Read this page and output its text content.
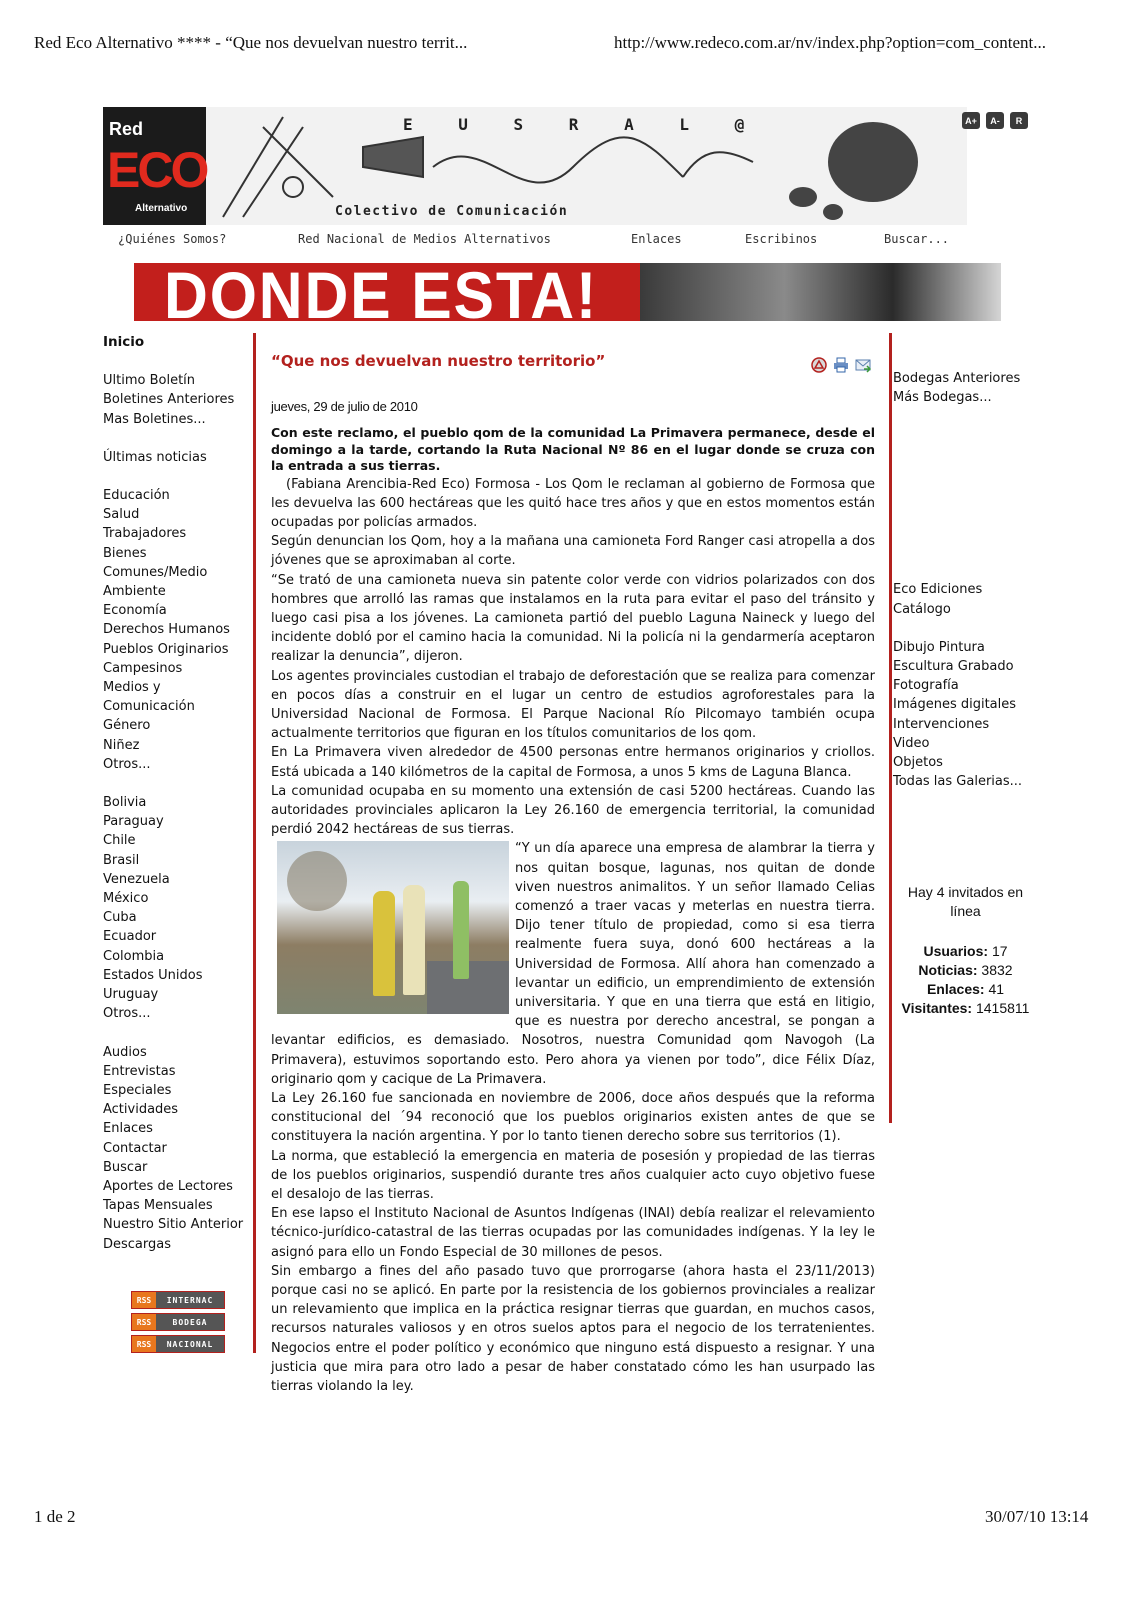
Red Eco Alternativo **** - “Que nos devuelvan nuestro territ...	http://www.redeco.com.ar/nv/index.php?option=com_content...
1 de 2	30/07/10 13:14
Red
ECO
Alternativo
E U S R A L @
Colectivo de Comunicación
A+	A-	R
¿Quiénes Somos?	Red Nacional de Medios Alternativos	Enlaces	Escribinos	Buscar...
DONDE ESTA!
Inicio
Ultimo Boletín
Boletines Anteriores
Mas Boletines...
Últimas noticias
Educación
Salud
Trabajadores
Bienes
Comunes/Medio
Ambiente
Economía
Derechos Humanos
Pueblos Originarios
Campesinos
Medios y
Comunicación
Género
Niñez
Otros...
Bolivia
Paraguay
Chile
Brasil
Venezuela
México
Cuba
Ecuador
Colombia
Estados Unidos
Uruguay
Otros...
Audios
Entrevistas
Especiales
Actividades
Enlaces
Contactar
Buscar
Aportes de Lectores
Tapas Mensuales
Nuestro Sitio Anterior
Descargas
RSS	INTERNAC
RSS	BODEGA
RSS	NACIONAL
“Que nos devuelvan nuestro territorio”
jueves, 29 de julio de 2010

Con este reclamo, el pueblo qom de la comunidad La Primavera permanece, desde el domingo a la tarde, cortando la Ruta Nacional Nº 86 en el lugar donde se cruza con la entrada a sus tierras.

(Fabiana Arencibia-Red Eco) Formosa - Los Qom le reclaman al gobierno de Formosa que les devuelva las 600 hectáreas que les quitó hace tres años y que en estos momentos están ocupadas por policías armados.

Según denuncian los Qom, hoy a la mañana una camioneta Ford Ranger casi atropella a dos jóvenes que se aproximaban al corte.

“Se trató de una camioneta nueva sin patente color verde con vidrios polarizados con dos hombres que arrolló las ramas que instalamos en la ruta para evitar el paso del tránsito y luego casi pisa a los jóvenes. La camioneta partió del pueblo Laguna Naineck y luego del incidente dobló por el camino hacia la comunidad. Ni la policía ni la gendarmería aceptaron realizar la denuncia”, dijeron.

Los agentes provinciales custodian el trabajo de deforestación que se realiza para comenzar en pocos días a construir en el lugar un centro de estudios agroforestales para la Universidad Nacional de Formosa. El Parque Nacional Río Pilcomayo también ocupa actualmente territorios que figuran en los títulos comunitarios de los qom.

En La Primavera viven alrededor de 4500 personas entre hermanos originarios y criollos. Está ubicada a 140 kilómetros de la capital de Formosa, a unos 5 kms de Laguna Blanca.

La comunidad ocupaba en su momento una extensión de casi 5200 hectáreas. Cuando las autoridades provinciales aplicaron la Ley 26.160 de emergencia territorial, la comunidad perdió 2042 hectáreas de sus tierras.

“Y un día aparece una empresa de alambrar la tierra y nos quitan bosque, lagunas, nos quitan de donde viven nuestros animalitos. Y un señor llamado Celias comenzó a traer vacas y meterlas en nuestra tierra. Dijo tener título de propiedad, como si esa tierra realmente fuera suya, donó 600 hectáreas a la Universidad de Formosa. Allí ahora han comenzado a levantar un edificio, un emprendimiento de extensión universitaria. Y que en una tierra que está en litigio, que es nuestra por derecho ancestral, se pongan a levantar edificios, es demasiado. Nosotros, nuestra Comunidad qom Navogoh (La Primavera), estuvimos soportando esto. Pero ahora ya vienen por todo”, dice Félix Díaz, originario qom y cacique de La Primavera.

La Ley 26.160 fue sancionada en noviembre de 2006, doce años después que la reforma constitucional del ´94 reconoció que los pueblos originarios existen antes de que se constituyera la nación argentina. Y por lo tanto tienen derecho sobre sus territorios (1).

La norma, que estableció la emergencia en materia de posesión y propiedad de las tierras de los pueblos originarios, suspendió durante tres años cualquier acto cuyo objetivo fuese el desalojo de las tierras.

En ese lapso el Instituto Nacional de Asuntos Indígenas (INAI) debía realizar el relevamiento técnico-jurídico-catastral de las tierras ocupadas por las comunidades indígenas. Y la ley le asignó para ello un Fondo Especial de 30 millones de pesos.

Sin embargo a fines del año pasado tuvo que prorrogarse (ahora hasta el 23/11/2013) porque casi no se aplicó. En parte por la resistencia de los gobiernos provinciales a realizar un relevamiento que implica en la práctica resignar tierras que guardan, en muchos casos, recursos naturales valiosos y en otros suelos aptos para el negocio de los terratenientes. Negocios entre el poder político y económico que ninguno está dispuesto a resignar. Y una justicia que mira para otro lado a pesar de haber constatado cómo les han usurpado las tierras violando la ley.

Bodegas Anteriores
Más Bodegas...
Eco Ediciones
Catálogo
Dibujo Pintura
Escultura Grabado
Fotografía
Imágenes digitales
Intervenciones
Video
Objetos
Todas las Galerias...
Hay 4 invitados en línea
Usuarios: 17
Noticias: 3832
Enlaces: 41
Visitantes: 1415811
